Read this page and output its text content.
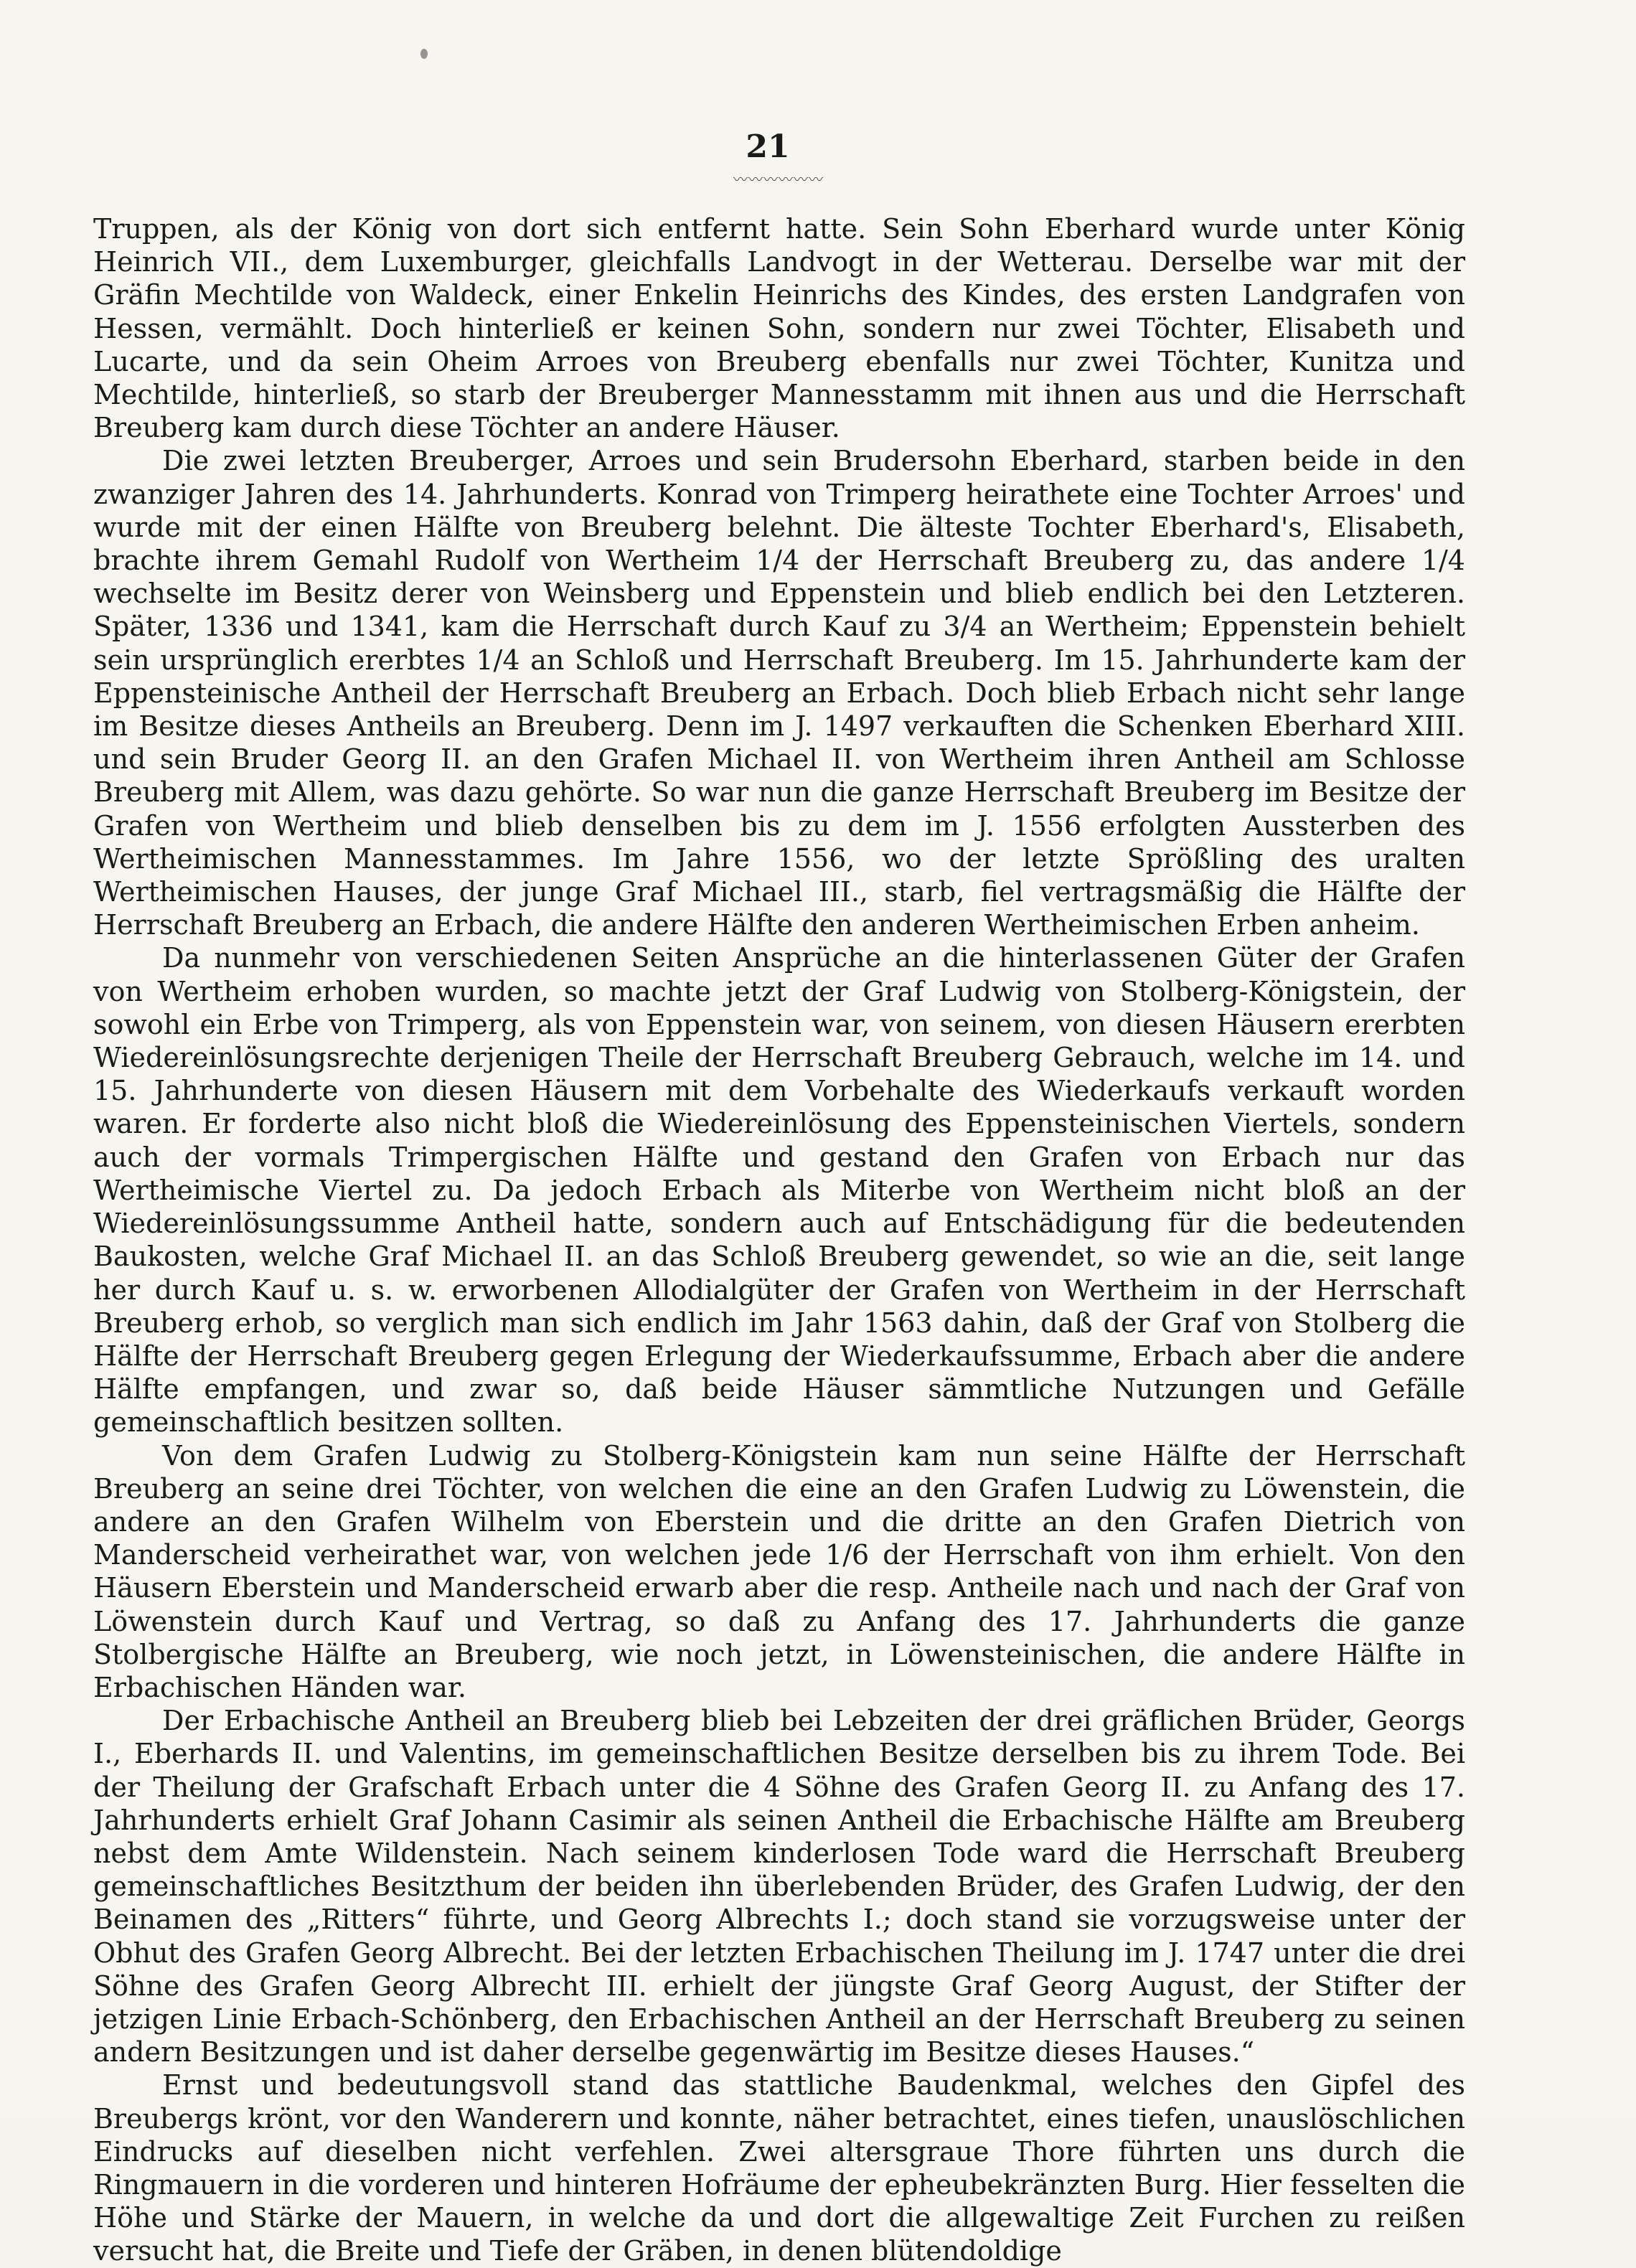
21
〰〰〰〰〰〰

Truppen, als der König von dort sich entfernt hatte. Sein Sohn Eberhard wurde unter König Heinrich VII., dem Luxemburger, gleichfalls Landvogt in der Wetterau. Derselbe war mit der Gräfin Mechtilde von Waldeck, einer Enkelin Heinrichs des Kindes, des ersten Landgrafen von Hessen, vermählt. Doch hinterließ er keinen Sohn, sondern nur zwei Töchter, Elisabeth und Lucarte, und da sein Oheim Arroes von Breuberg ebenfalls nur zwei Töchter, Kunitza und Mechtilde, hinterließ, so starb der Breuberger Mannesstamm mit ihnen aus und die Herrschaft Breuberg kam durch diese Töchter an andere Häuser.

Die zwei letzten Breuberger, Arroes und sein Brudersohn Eberhard, starben beide in den zwanziger Jahren des 14. Jahrhunderts. Konrad von Trimperg heirathete eine Tochter Arroes' und wurde mit der einen Hälfte von Breuberg belehnt. Die älteste Tochter Eberhard's, Elisabeth, brachte ihrem Gemahl Rudolf von Wertheim 1/4 der Herrschaft Breuberg zu, das andere 1/4 wechselte im Besitz derer von Weinsberg und Eppenstein und blieb endlich bei den Letzteren. Später, 1336 und 1341, kam die Herrschaft durch Kauf zu 3/4 an Wertheim; Eppenstein behielt sein ursprünglich ererbtes 1/4 an Schloß und Herrschaft Breuberg. Im 15. Jahrhunderte kam der Eppensteinische Antheil der Herrschaft Breuberg an Erbach. Doch blieb Erbach nicht sehr lange im Besitze dieses Antheils an Breuberg. Denn im J. 1497 verkauften die Schenken Eberhard XIII. und sein Bruder Georg II. an den Grafen Michael II. von Wertheim ihren Antheil am Schlosse Breuberg mit Allem, was dazu gehörte. So war nun die ganze Herrschaft Breuberg im Besitze der Grafen von Wertheim und blieb denselben bis zu dem im J. 1556 erfolgten Aussterben des Wertheimischen Mannesstammes. Im Jahre 1556, wo der letzte Sprößling des uralten Wertheimischen Hauses, der junge Graf Michael III., starb, fiel vertragsmäßig die Hälfte der Herrschaft Breuberg an Erbach, die andere Hälfte den anderen Wertheimischen Erben anheim.

Da nunmehr von verschiedenen Seiten Ansprüche an die hinterlassenen Güter der Grafen von Wertheim erhoben wurden, so machte jetzt der Graf Ludwig von Stolberg-Königstein, der sowohl ein Erbe von Trimperg, als von Eppenstein war, von seinem, von diesen Häusern ererbten Wiedereinlösungsrechte derjenigen Theile der Herrschaft Breuberg Gebrauch, welche im 14. und 15. Jahrhunderte von diesen Häusern mit dem Vorbehalte des Wiederkaufs verkauft worden waren. Er forderte also nicht bloß die Wiedereinlösung des Eppensteinischen Viertels, sondern auch der vormals Trimpergischen Hälfte und gestand den Grafen von Erbach nur das Wertheimische Viertel zu. Da jedoch Erbach als Miterbe von Wertheim nicht bloß an der Wiedereinlösungssumme Antheil hatte, sondern auch auf Entschädigung für die bedeutenden Baukosten, welche Graf Michael II. an das Schloß Breuberg gewendet, so wie an die, seit lange her durch Kauf u. s. w. erworbenen Allodialgüter der Grafen von Wertheim in der Herrschaft Breuberg erhob, so verglich man sich endlich im Jahr 1563 dahin, daß der Graf von Stolberg die Hälfte der Herrschaft Breuberg gegen Erlegung der Wiederkaufssumme, Erbach aber die andere Hälfte empfangen, und zwar so, daß beide Häuser sämmtliche Nutzungen und Gefälle gemeinschaftlich besitzen sollten.

Von dem Grafen Ludwig zu Stolberg-Königstein kam nun seine Hälfte der Herrschaft Breuberg an seine drei Töchter, von welchen die eine an den Grafen Ludwig zu Löwenstein, die andere an den Grafen Wilhelm von Eberstein und die dritte an den Grafen Dietrich von Manderscheid verheirathet war, von welchen jede 1/6 der Herrschaft von ihm erhielt. Von den Häusern Eberstein und Manderscheid erwarb aber die resp. Antheile nach und nach der Graf von Löwenstein durch Kauf und Vertrag, so daß zu Anfang des 17. Jahrhunderts die ganze Stolbergische Hälfte an Breuberg, wie noch jetzt, in Löwensteinischen, die andere Hälfte in Erbachischen Händen war.

Der Erbachische Antheil an Breuberg blieb bei Lebzeiten der drei gräflichen Brüder, Georgs I., Eberhards II. und Valentins, im gemeinschaftlichen Besitze derselben bis zu ihrem Tode. Bei der Theilung der Grafschaft Erbach unter die 4 Söhne des Grafen Georg II. zu Anfang des 17. Jahrhunderts erhielt Graf Johann Casimir als seinen Antheil die Erbachische Hälfte am Breuberg nebst dem Amte Wildenstein. Nach seinem kinderlosen Tode ward die Herrschaft Breuberg gemeinschaftliches Besitzthum der beiden ihn überlebenden Brüder, des Grafen Ludwig, der den Beinamen des „Ritters“ führte, und Georg Albrechts I.; doch stand sie vorzugsweise unter der Obhut des Grafen Georg Albrecht. Bei der letzten Erbachischen Theilung im J. 1747 unter die drei Söhne des Grafen Georg Albrecht III. erhielt der jüngste Graf Georg August, der Stifter der jetzigen Linie Erbach-Schönberg, den Erbachischen Antheil an der Herrschaft Breuberg zu seinen andern Besitzungen und ist daher derselbe gegenwärtig im Besitze dieses Hauses.“

Ernst und bedeutungsvoll stand das stattliche Baudenkmal, welches den Gipfel des Breubergs krönt, vor den Wanderern und konnte, näher betrachtet, eines tiefen, unauslöschlichen Eindrucks auf dieselben nicht verfehlen. Zwei altersgraue Thore führten uns durch die Ringmauern in die vorderen und hinteren Hofräume der epheubekränzten Burg. Hier fesselten die Höhe und Stärke der Mauern, in welche da und dort die allgewaltige Zeit Furchen zu reißen versucht hat, die Breite und Tiefe der Gräben, in denen blütendoldige
